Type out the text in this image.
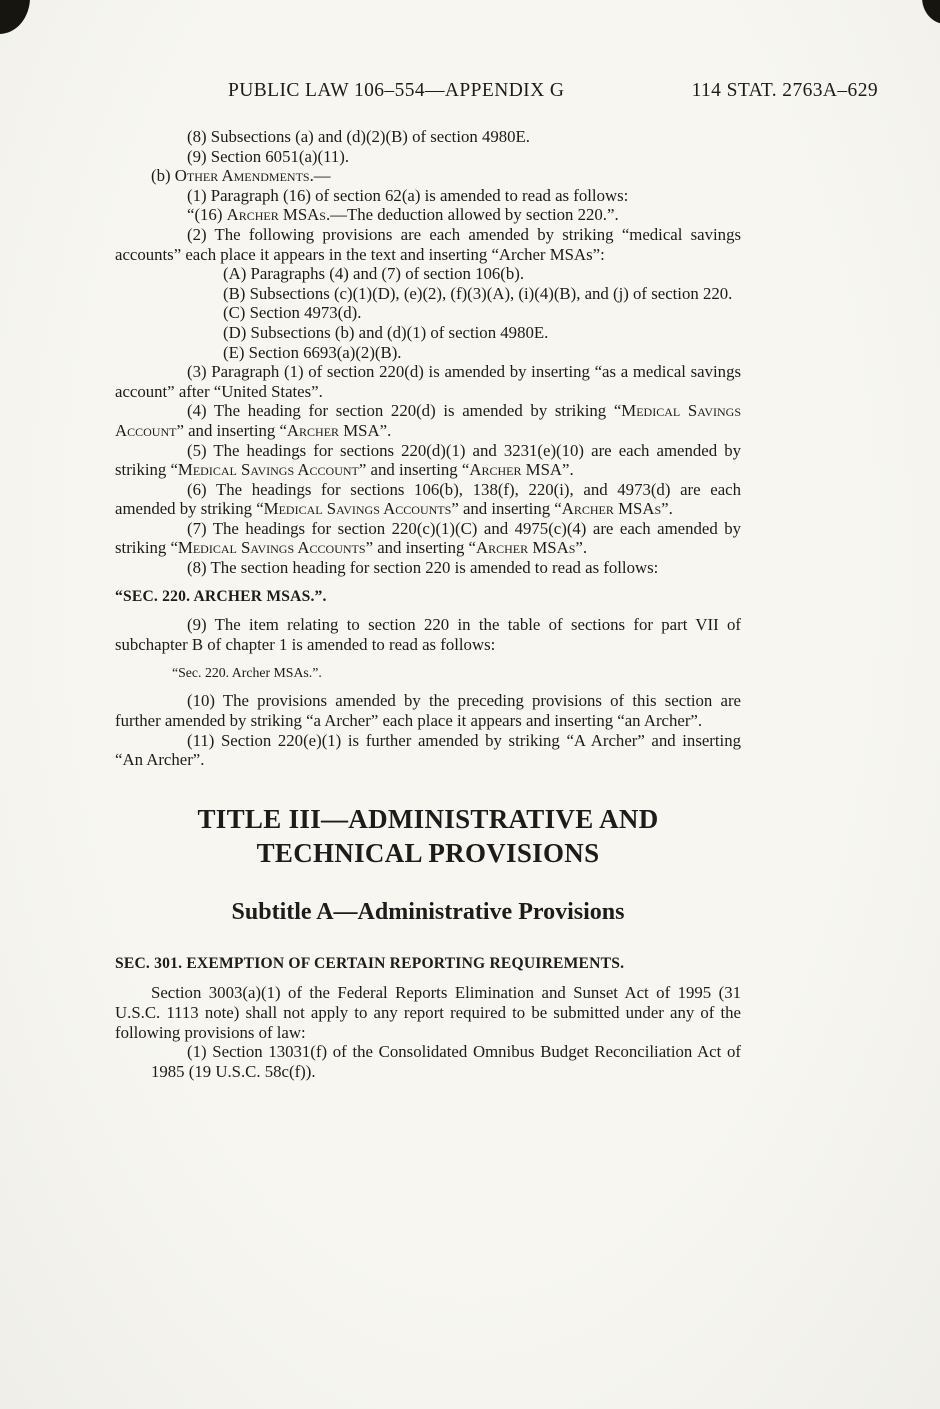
PUBLIC LAW 106–554—APPENDIX G	114 STAT. 2763A–629
(8) Subsections (a) and (d)(2)(B) of section 4980E.
(9) Section 6051(a)(11).
(b) Other Amendments.—
(1) Paragraph (16) of section 62(a) is amended to read as follows:
“(16) Archer MSAs.—The deduction allowed by section 220.”.
(2) The following provisions are each amended by striking “medical savings accounts” each place it appears in the text and inserting “Archer MSAs”:
(A) Paragraphs (4) and (7) of section 106(b).
(B) Subsections (c)(1)(D), (e)(2), (f)(3)(A), (i)(4)(B), and (j) of section 220.
(C) Section 4973(d).
(D) Subsections (b) and (d)(1) of section 4980E.
(E) Section 6693(a)(2)(B).
(3) Paragraph (1) of section 220(d) is amended by inserting “as a medical savings account” after “United States”.
(4) The heading for section 220(d) is amended by striking “Medical Savings Account” and inserting “Archer MSA”.
(5) The headings for sections 220(d)(1) and 3231(e)(10) are each amended by striking “Medical Savings Account” and inserting “Archer MSA”.
(6) The headings for sections 106(b), 138(f), 220(i), and 4973(d) are each amended by striking “Medical Savings Accounts” and inserting “Archer MSAs”.
(7) The headings for section 220(c)(1)(C) and 4975(c)(4) are each amended by striking “Medical Savings Accounts” and inserting “Archer MSAs”.
(8) The section heading for section 220 is amended to read as follows:
“SEC. 220. ARCHER MSAS.”.
(9) The item relating to section 220 in the table of sections for part VII of subchapter B of chapter 1 is amended to read as follows:
“Sec. 220. Archer MSAs.”.
(10) The provisions amended by the preceding provisions of this section are further amended by striking “a Archer” each place it appears and inserting “an Archer”.
(11) Section 220(e)(1) is further amended by striking “A Archer” and inserting “An Archer”.
TITLE III—ADMINISTRATIVE AND
TECHNICAL PROVISIONS
Subtitle A—Administrative Provisions
SEC. 301. EXEMPTION OF CERTAIN REPORTING REQUIREMENTS.
Section 3003(a)(1) of the Federal Reports Elimination and Sunset Act of 1995 (31 U.S.C. 1113 note) shall not apply to any report required to be submitted under any of the following provisions of law:
(1) Section 13031(f) of the Consolidated Omnibus Budget Reconciliation Act of 1985 (19 U.S.C. 58c(f)).
